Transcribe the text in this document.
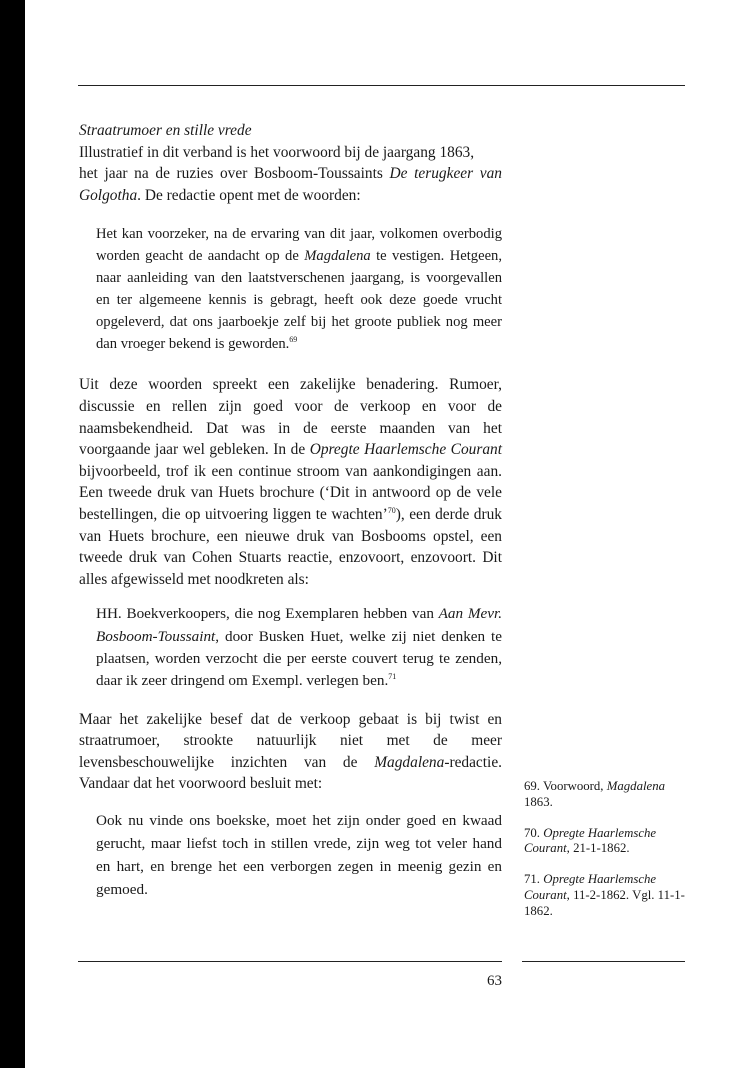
Straatrumoer en stille vrede

Illustratief in dit verband is het voorwoord bij de jaargang 1863,
het jaar na de ruzies over Bosboom-Toussaints De terugkeer van Golgotha. De redactie opent met de woorden:

Het kan voorzeker, na de ervaring van dit jaar, volkomen overbodig worden geacht de aandacht op de Magdalena te vestigen. Hetgeen, naar aanleiding van den laatstverschenen jaargang, is voorgevallen en ter algemeene kennis is gebragt, heeft ook deze goede vrucht opgeleverd, dat ons jaarboekje zelf bij het groote publiek nog meer dan vroeger bekend is geworden.$^{69}$

Uit deze woorden spreekt een zakelijke benadering. Rumoer, discussie en rellen zijn goed voor de verkoop en voor de naamsbekendheid. Dat was in de eerste maanden van het voorgaande jaar wel gebleken. In de Opregte Haarlemsche Courant bijvoorbeeld, trof ik een continue stroom van aankondigingen aan. Een tweede druk van Huets brochure (‘Dit in antwoord op de vele bestellingen, die op uitvoering liggen te wachten’$^{70}$), een derde druk van Huets brochure, een nieuwe druk van Bosbooms opstel, een tweede druk van Cohen Stuarts reactie, enzovoort, enzovoort. Dit alles afgewisseld met noodkreten als:

HH. Boekverkoopers, die nog Exemplaren hebben van Aan Mevr. Bosboom-Toussaint, door Busken Huet, welke zij niet denken te plaatsen, worden verzocht die per eerste couvert terug te zenden, daar ik zeer dringend om Exempl. verlegen ben.$^{71}$

Maar het zakelijke besef dat de verkoop gebaat is bij twist en straatrumoer, strookte natuurlijk niet met de meer levensbeschouwelijke inzichten van de Magdalena-redactie. Vandaar dat het voorwoord besluit met:

Ook nu vinde ons boekske, moet het zijn onder goed en kwaad gerucht, maar liefst toch in stillen vrede, zijn weg tot veler hand en hart, en brenge het een verborgen zegen in meenig gezin en gemoed.

69. Voorwoord, Magdalena 1863.

70. Opregte Haarlemsche Courant, 21-1-1862.

71. Opregte Haarlemsche Courant, 11-2-1862. Vgl. 11-1-1862.

63
